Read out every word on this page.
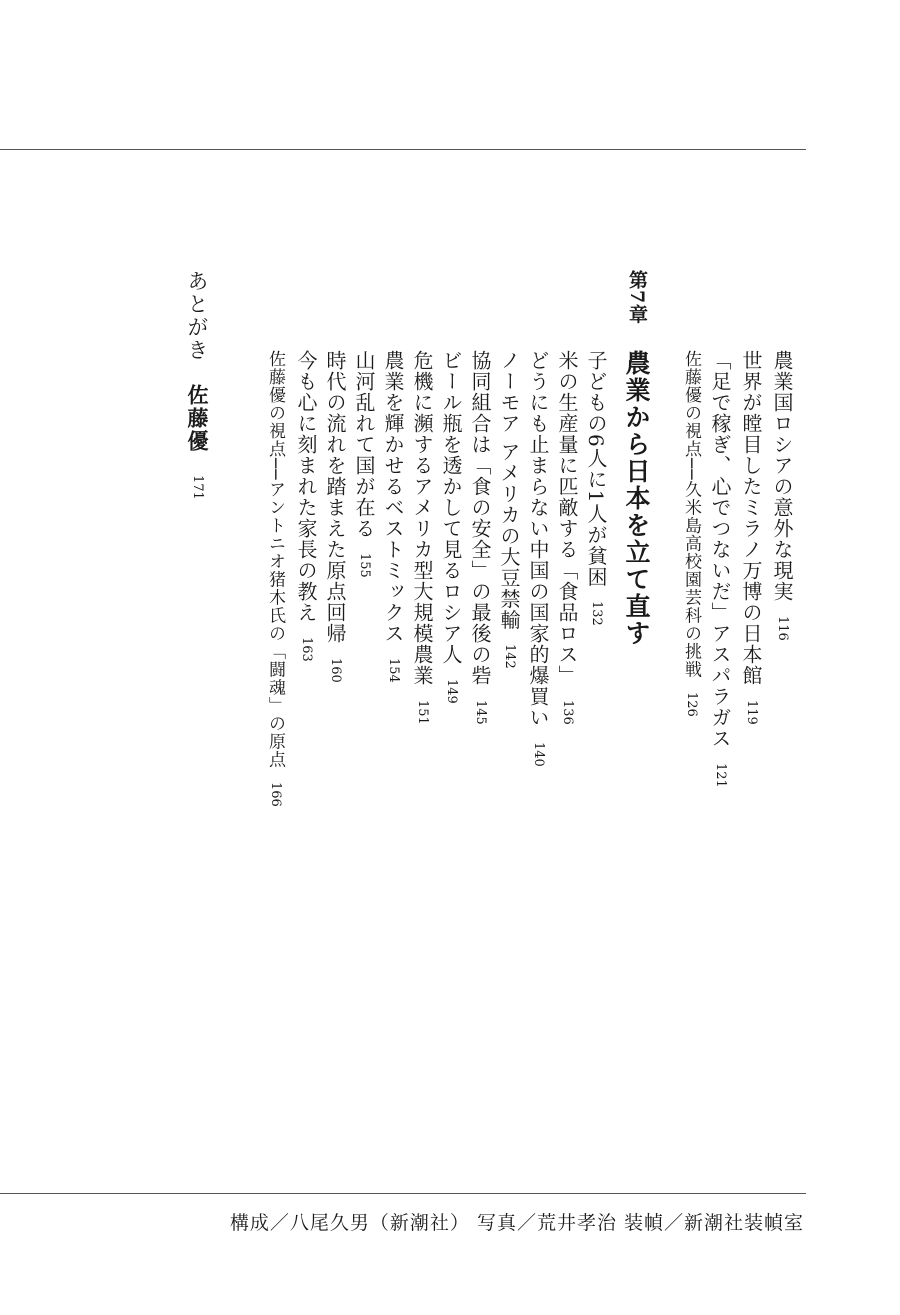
農業国ロシアの意外な現実116
世界が瞠目したミラノ万博の日本館119
「足で稼ぎ、心でつないだ」アスパラガス121
佐藤優の視点──久米島高校園芸科の挑戦126
第7章
農業から日本を立て直す
子どもの6人に1人が貧困132
米の生産量に匹敵する「食品ロス」136
どうにも止まらない中国の国家的爆買い140
ノーモア アメリカの大豆禁輸142
協同組合は「食の安全」の最後の砦145
ビール瓶を透かして見るロシア人149
危機に瀕するアメリカ型大規模農業151
農業を輝かせるベストミックス154
山河乱れて国が在る155
時代の流れを踏まえた原点回帰160
今も心に刻まれた家長の教え163
佐藤優の視点──アントニオ猪木氏の「闘魂」の原点166
あとがき佐藤優171
構成／八尾久男（新潮社） 写真／荒井孝治 装幀／新潮社装幀室
